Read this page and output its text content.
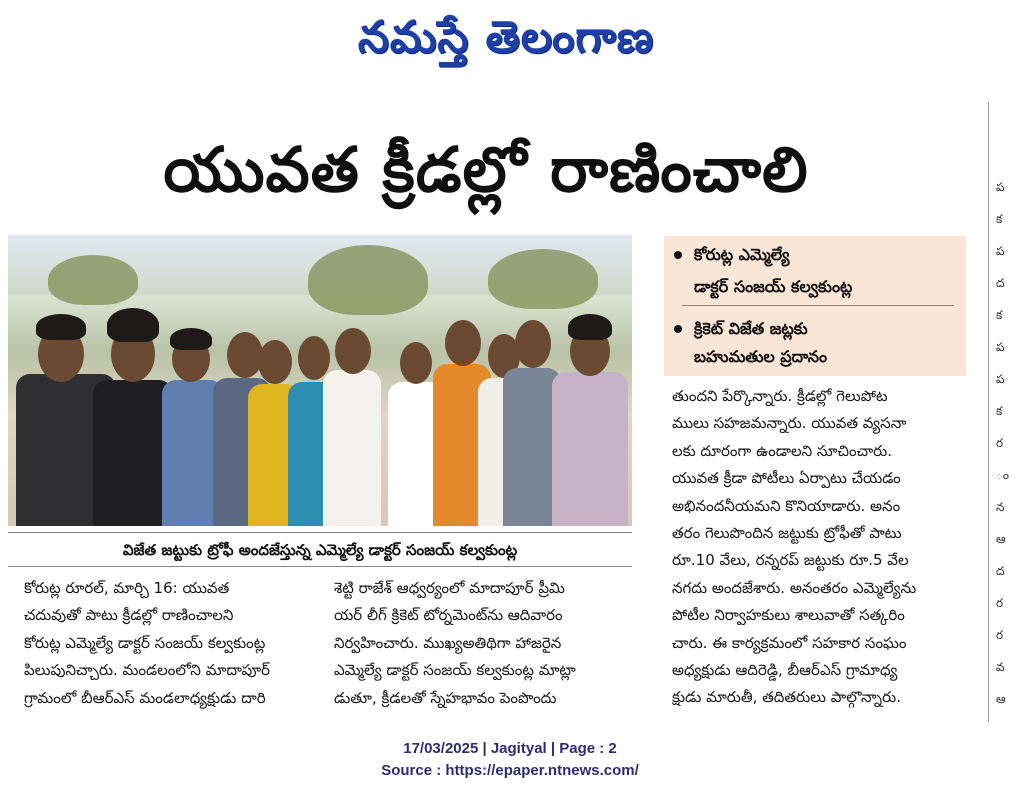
నమస్తే తెలంగాణ
యువత క్రీడల్లో రాణించాలి
విజేత జట్టుకు ట్రోఫీ అందజేస్తున్న ఎమ్మెల్యే డాక్టర్ సంజయ్ కల్వకుంట్ల
కోరుట్ల ఎమ్మెల్యే
డాక్టర్ సంజయ్ కల్వకుంట్ల
క్రికెట్ విజేత జట్లకు
బహుమతుల ప్రదానం
కోరుట్ల రూరల్, మార్చి 16: యువత
చదువుతో పాటు క్రీడల్లో రాణించాలని
కోరుట్ల ఎమ్మెల్యే డాక్టర్ సంజయ్ కల్వకుంట్ల
పిలుపునిచ్చారు. మండలంలోని మాదాపూర్
గ్రామంలో బీఆర్ఎస్ మండలాధ్యక్షుడు దారి
శెట్టి రాజేశ్ ఆధ్వర్యంలో మాదాపూర్ ప్రీమి
యర్ లీగ్ క్రికెట్ టోర్నమెంట్‌ను ఆదివారం
నిర్వహించారు. ముఖ్యఅతిథిగా హాజరైన
ఎమ్మెల్యే డాక్టర్ సంజయ్ కల్వకుంట్ల మాట్లా
డుతూ, క్రీడలతో స్నేహభావం పెంపొందు
తుందని పేర్కొన్నారు. క్రీడల్లో గెలుపోట
ములు సహజమన్నారు. యువత వ్యసనా
లకు దూరంగా ఉండాలని సూచించారు.
యువత క్రీడా పోటీలు ఏర్పాటు చేయడం
అభినందనీయమని కొనియాడారు. అనం
తరం గెలుపొందిన జట్టుకు ట్రోఫీతో పాటు
రూ.10 వేలు, రన్నరప్ జట్టుకు రూ.5 వేల
నగదు అందజేశారు. అనంతరం ఎమ్మెల్యేను
పోటీల నిర్వాహకులు శాలువాతో సత్కరిం
చారు. ఈ కార్యక్రమంలో సహకార సంఘం
అధ్యక్షుడు ఆదిరెడ్డి, బీఆర్ఎస్ గ్రామాధ్య
క్షుడు మారుతీ, తదితరులు పాల్గొన్నారు.
ప
క
ప
ద
క
ప
ప
క
ర
ం
న
ఆ
ద
ర
ర
వ
ఆ
17/03/2025 | Jagityal | Page : 2
Source : https://epaper.ntnews.com/
